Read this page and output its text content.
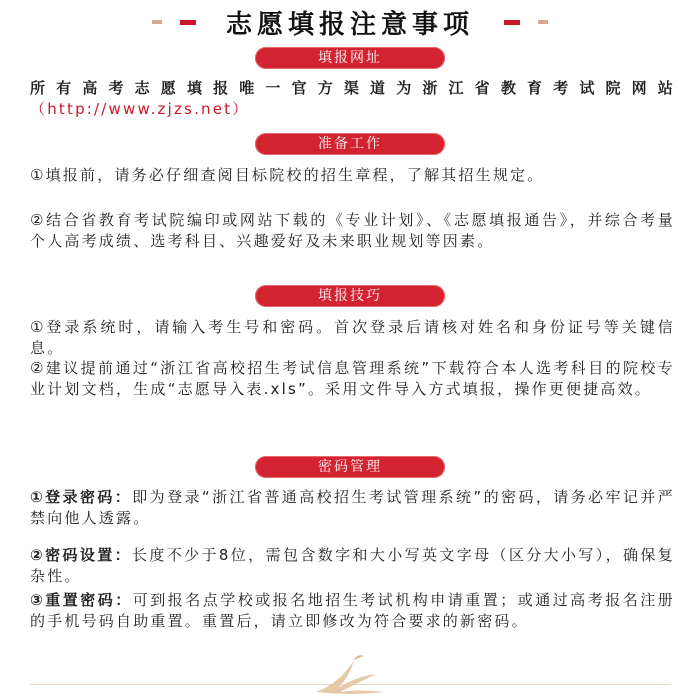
志愿填报注意事项
填报网址
所有高考志愿填报唯一官方渠道为浙江省教育考试院网站（http://www.zjzs.net）
准备工作
①填报前，请务必仔细查阅目标院校的招生章程，了解其招生规定。
②结合省教育考试院编印或网站下载的《专业计划》、《志愿填报通告》，并综合考量个人高考成绩、选考科目、兴趣爱好及未来职业规划等因素。
填报技巧
①登录系统时，请输入考生号和密码。首次登录后请核对姓名和身份证号等关键信息。
②建议提前通过“浙江省高校招生考试信息管理系统”下载符合本人选考科目的院校专业计划文档，生成“志愿导入表.xls”。采用文件导入方式填报，操作更便捷高效。
密码管理
①登录密码：即为登录“浙江省普通高校招生考试管理系统”的密码，请务必牢记并严禁向他人透露。
②密码设置：长度不少于8位，需包含数字和大小写英文字母（区分大小写），确保复杂性。
③重置密码：可到报名点学校或报名地招生考试机构申请重置；或通过高考报名注册的手机号码自助重置。重置后，请立即修改为符合要求的新密码。
